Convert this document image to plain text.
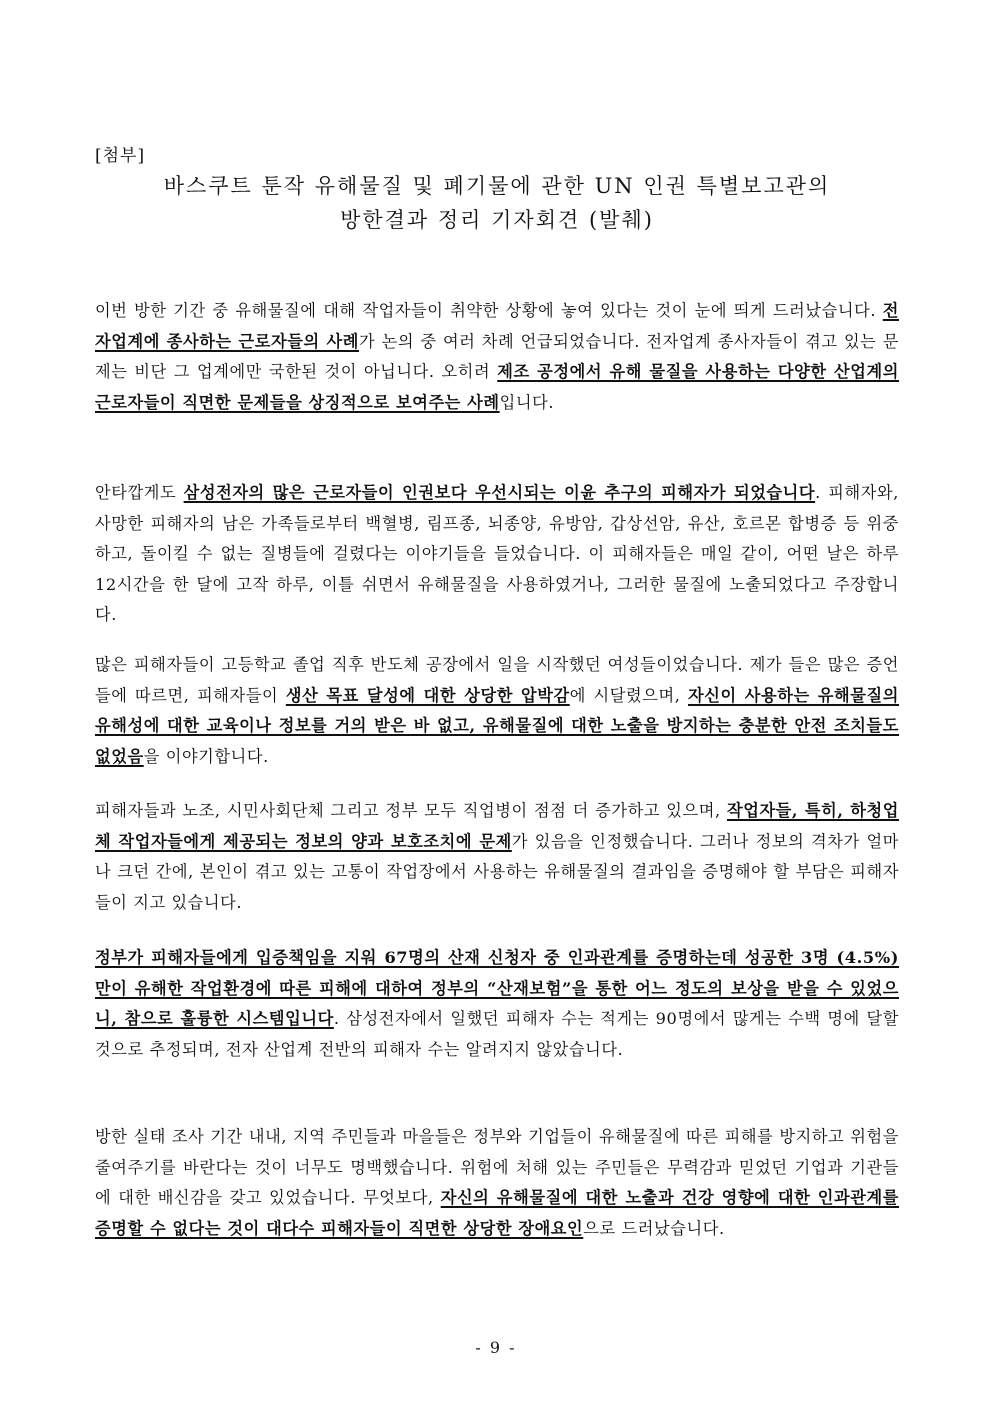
[첨부]
바스쿠트 툰작 유해물질 및 폐기물에 관한 UN 인권 특별보고관의
방한결과 정리 기자회견 (발췌)
이번 방한 기간 중 유해물질에 대해 작업자들이 취약한 상황에 놓여 있다는 것이 눈에 띄게 드러났습니다. 전자업계에 종사하는 근로자들의 사례가 논의 중 여러 차례 언급되었습니다. 전자업계 종사자들이 겪고 있는 문제는 비단 그 업계에만 국한된 것이 아닙니다. 오히려 제조 공정에서 유해 물질을 사용하는 다양한 산업계의 근로자들이 직면한 문제들을 상징적으로 보여주는 사례입니다.
안타깝게도 삼성전자의 많은 근로자들이 인권보다 우선시되는 이윤 추구의 피해자가 되었습니다. 피해자와, 사망한 피해자의 남은 가족들로부터 백혈병, 림프종, 뇌종양, 유방암, 갑상선암, 유산, 호르몬 합병증 등 위중하고, 돌이킬 수 없는 질병들에 걸렸다는 이야기들을 들었습니다. 이 피해자들은 매일 같이, 어떤 날은 하루 12시간을 한 달에 고작 하루, 이틀 쉬면서 유해물질을 사용하였거나, 그러한 물질에 노출되었다고 주장합니다.
많은 피해자들이 고등학교 졸업 직후 반도체 공장에서 일을 시작했던 여성들이었습니다. 제가 들은 많은 증언들에 따르면, 피해자들이 생산 목표 달성에 대한 상당한 압박감에 시달렸으며, 자신이 사용하는 유해물질의 유해성에 대한 교육이나 정보를 거의 받은 바 없고, 유해물질에 대한 노출을 방지하는 충분한 안전 조치들도 없었음을 이야기합니다.
피해자들과 노조, 시민사회단체 그리고 정부 모두 직업병이 점점 더 증가하고 있으며, 작업자들, 특히, 하청업체 작업자들에게 제공되는 정보의 양과 보호조치에 문제가 있음을 인정했습니다. 그러나 정보의 격차가 얼마나 크던 간에, 본인이 겪고 있는 고통이 작업장에서 사용하는 유해물질의 결과임을 증명해야 할 부담은 피해자들이 지고 있습니다.
정부가 피해자들에게 입증책임을 지워 67명의 산재 신청자 중 인과관계를 증명하는데 성공한 3명 (4.5%)만이 유해한 작업환경에 따른 피해에 대하여 정부의 “산재보험”을 통한 어느 정도의 보상을 받을 수 있었으니, 참으로 훌륭한 시스템입니다. 삼성전자에서 일했던 피해자 수는 적게는 90명에서 많게는 수백 명에 달할 것으로 추정되며, 전자 산업계 전반의 피해자 수는 알려지지 않았습니다.
방한 실태 조사 기간 내내, 지역 주민들과 마을들은 정부와 기업들이 유해물질에 따른 피해를 방지하고 위험을 줄여주기를 바란다는 것이 너무도 명백했습니다. 위험에 처해 있는 주민들은 무력감과 믿었던 기업과 기관들에 대한 배신감을 갖고 있었습니다. 무엇보다, 자신의 유해물질에 대한 노출과 건강 영향에 대한 인과관계를 증명할 수 없다는 것이 대다수 피해자들이 직면한 상당한 장애요인으로 드러났습니다.
- 9 -
